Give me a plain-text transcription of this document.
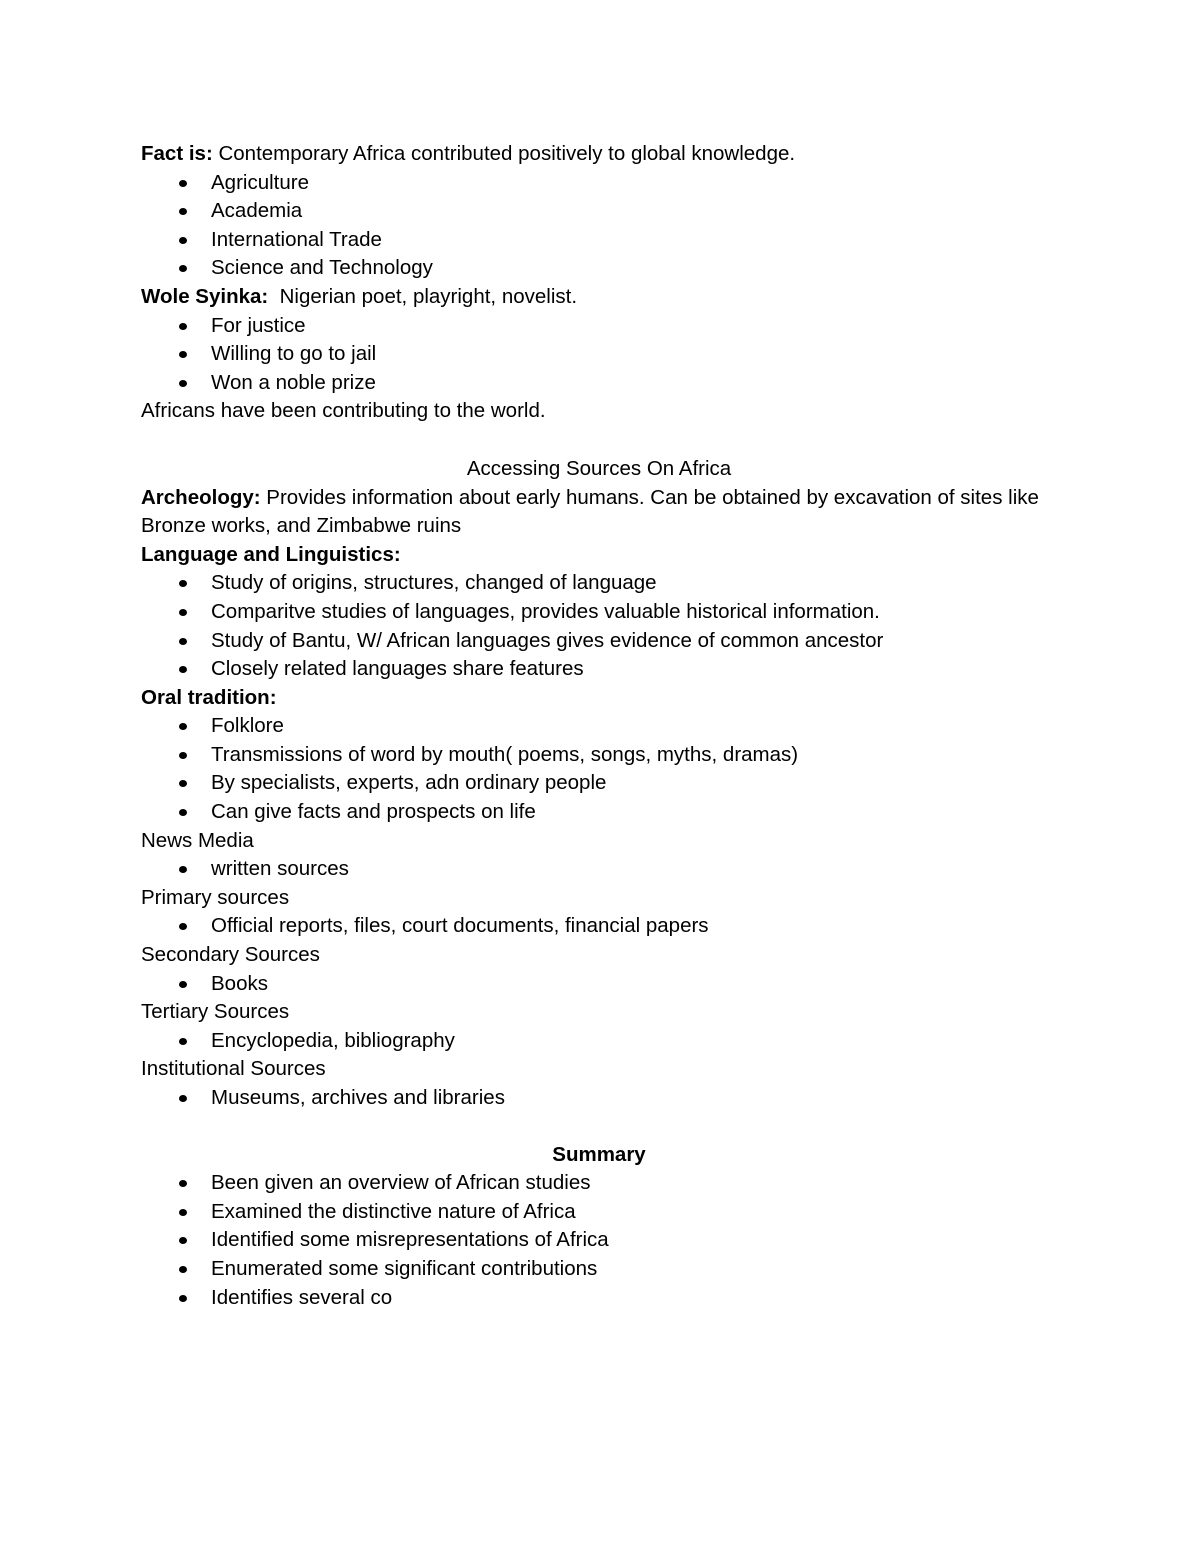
Fact is: Contemporary Africa contributed positively to global knowledge.
Agriculture
Academia
International Trade
Science and Technology
Wole Syinka:  Nigerian poet, playright, novelist.
For justice
Willing to go to jail
Won a noble prize
Africans have been contributing to the world.
Accessing Sources On Africa
Archeology: Provides information about early humans. Can be obtained by excavation of sites like Bronze works, and Zimbabwe ruins
Language and Linguistics:
Study of origins, structures, changed of language
Comparitve studies of languages, provides valuable historical information.
Study of Bantu, W/ African languages gives evidence of common ancestor
Closely related languages share features
Oral tradition:
Folklore
Transmissions of word by mouth( poems, songs, myths, dramas)
By specialists, experts, adn ordinary people
Can give facts and prospects on life
News Media
written sources
Primary sources
Official reports, files, court documents, financial papers
Secondary Sources
Books
Tertiary Sources
Encyclopedia, bibliography
Institutional Sources
Museums, archives and libraries
Summary
Been given an overview of African studies
Examined the distinctive nature of Africa
Identified some misrepresentations of Africa
Enumerated some significant contributions
Identifies several co
